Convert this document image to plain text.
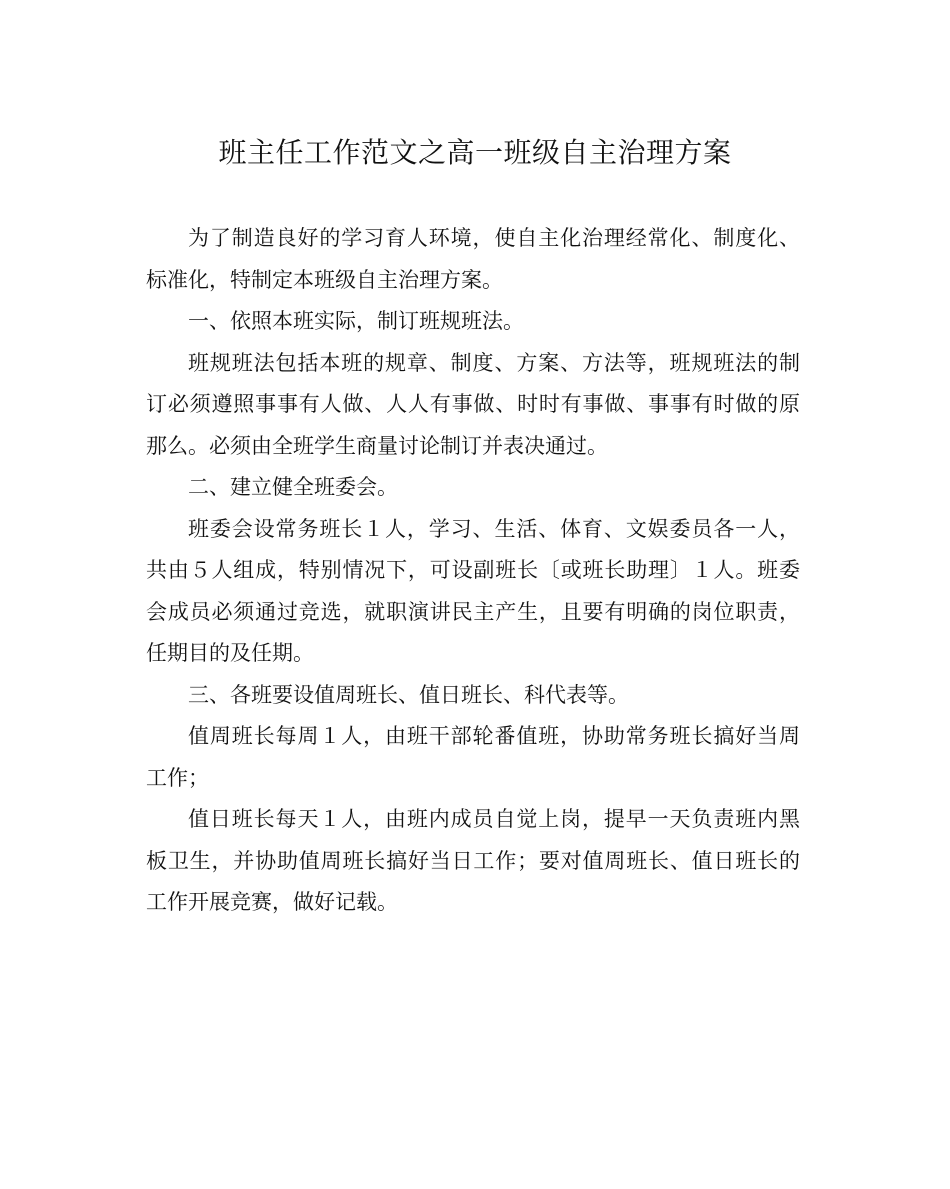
班主任工作范文之高一班级自主治理方案

为了制造良好的学习育人环境，使自主化治理经常化、制度化、
标准化，特制定本班级自主治理方案。

一、依照本班实际，制订班规班法。

班规班法包括本班的规章、制度、方案、方法等，班规班法的制
订必须遵照事事有人做、人人有事做、时时有事做、事事有时做的原
那么。必须由全班学生商量讨论制订并表决通过。

二、建立健全班委会。

班委会设常务班长１人，学习、生活、体育、文娱委员各一人，
共由５人组成，特别情况下，可设副班长〔或班长助理〕１人。班委
会成员必须通过竞选，就职演讲民主产生，且要有明确的岗位职责，
任期目的及任期。

三、各班要设值周班长、值日班长、科代表等。

值周班长每周１人，由班干部轮番值班，协助常务班长搞好当周
工作；

值日班长每天１人，由班内成员自觉上岗，提早一天负责班内黑
板卫生，并协助值周班长搞好当日工作；要对值周班长、值日班长的
工作开展竞赛，做好记载。
